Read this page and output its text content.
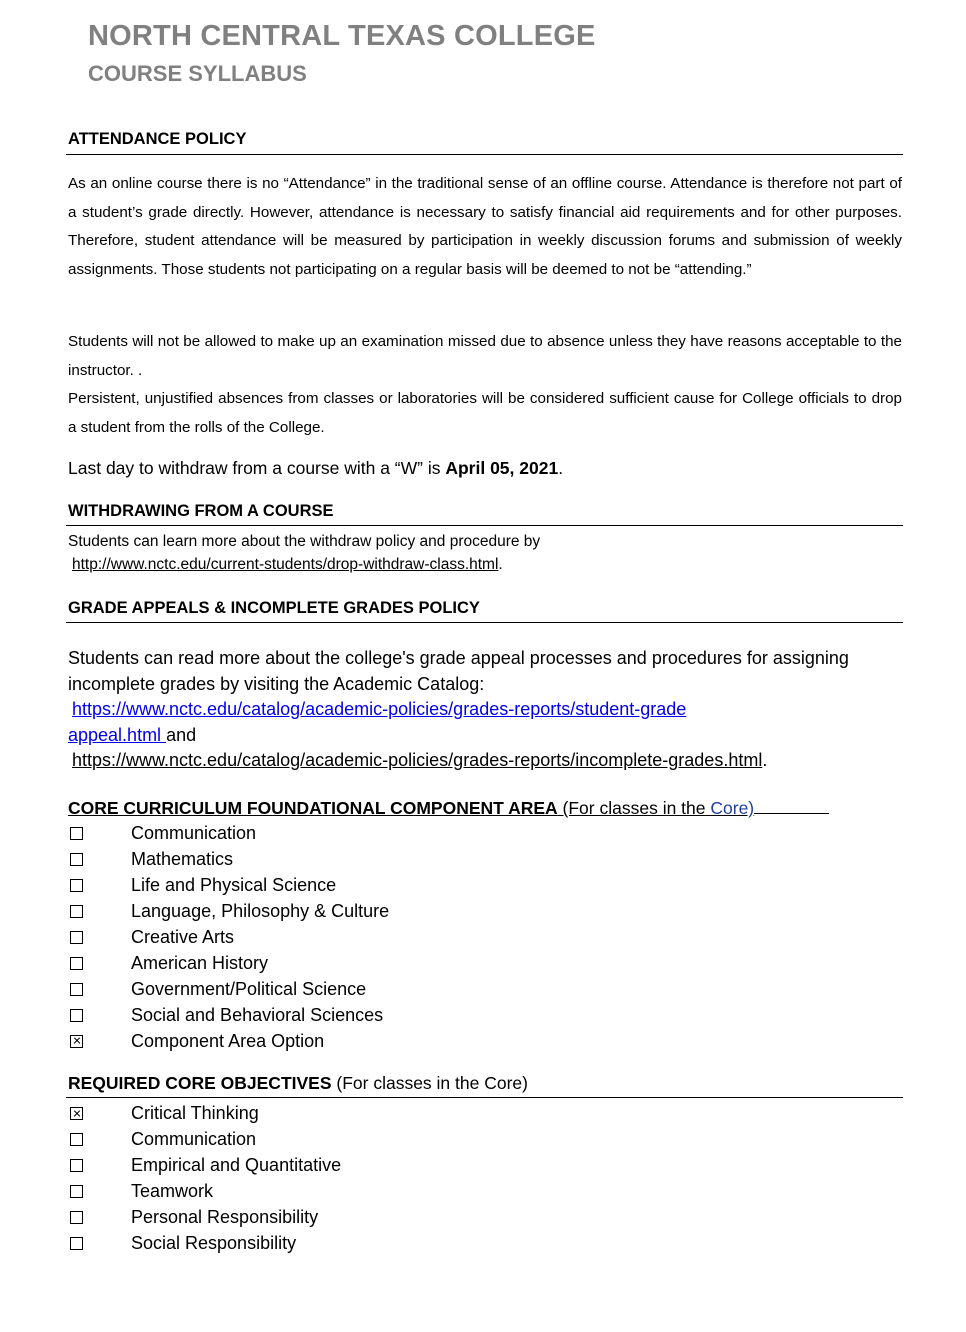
NORTH CENTRAL TEXAS COLLEGE
COURSE SYLLABUS
ATTENDANCE POLICY
As an online course there is no “Attendance” in the traditional sense of an offline course. Attendance is therefore not part of a student’s grade directly. However, attendance is necessary to satisfy financial aid requirements and for other purposes. Therefore, student attendance will be measured by participation in weekly discussion forums and submission of weekly assignments. Those students not participating on a regular basis will be deemed to not be “attending.”
Students will not be allowed to make up an examination missed due to absence unless they have reasons acceptable to the instructor. .
Persistent, unjustified absences from classes or laboratories will be considered sufficient cause for College officials to drop a student from the rolls of the College.
Last day to withdraw from a course with a “W” is April 05, 2021.
WITHDRAWING FROM A COURSE
Students can learn more about the withdraw policy and procedure by
http://www.nctc.edu/current-students/drop-withdraw-class.html.
GRADE APPEALS & INCOMPLETE GRADES POLICY
Students can read more about the college's grade appeal processes and procedures for assigning incomplete grades by visiting the Academic Catalog:
https://www.nctc.edu/catalog/academic-policies/grades-reports/student-grade
appeal.html and
https://www.nctc.edu/catalog/academic-policies/grades-reports/incomplete-grades.html.
CORE CURRICULUM FOUNDATIONAL COMPONENT AREA (For classes in the Core)
Communication
Mathematics
Life and Physical Science
Language, Philosophy & Culture
Creative Arts
American History
Government/Political Science
Social and Behavioral Sciences
Component Area Option
REQUIRED CORE OBJECTIVES (For classes in the Core)
Critical Thinking
Communication
Empirical and Quantitative
Teamwork
Personal Responsibility
Social Responsibility
